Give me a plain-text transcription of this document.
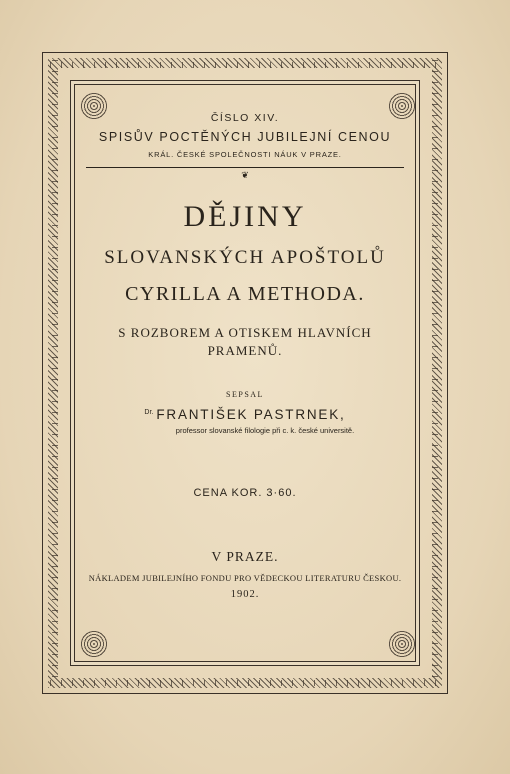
ČÍSLO XIV.

SPISŮV POCTĚNÝCH JUBILEJNÍ CENOU

KRÁL. ČESKÉ SPOLEČNOSTI NÁUK V PRAZE.

❦
DĚJINY

SLOVANSKÝCH APOŠTOLŮ

CYRILLA A METHODA.

S ROZBOREM A OTISKEM HLAVNÍCH PRAMENŮ.

SEPSAL

$^{Dr.}$ FRANTIŠEK PASTRNEK,

professor slovanské filologie při c. k. české universitě.

CENA KOR. 3·60.

V PRAZE.

NÁKLADEM JUBILEJNÍHO FONDU PRO VĚDECKOU LITERATURU ČESKOU.

1902.
